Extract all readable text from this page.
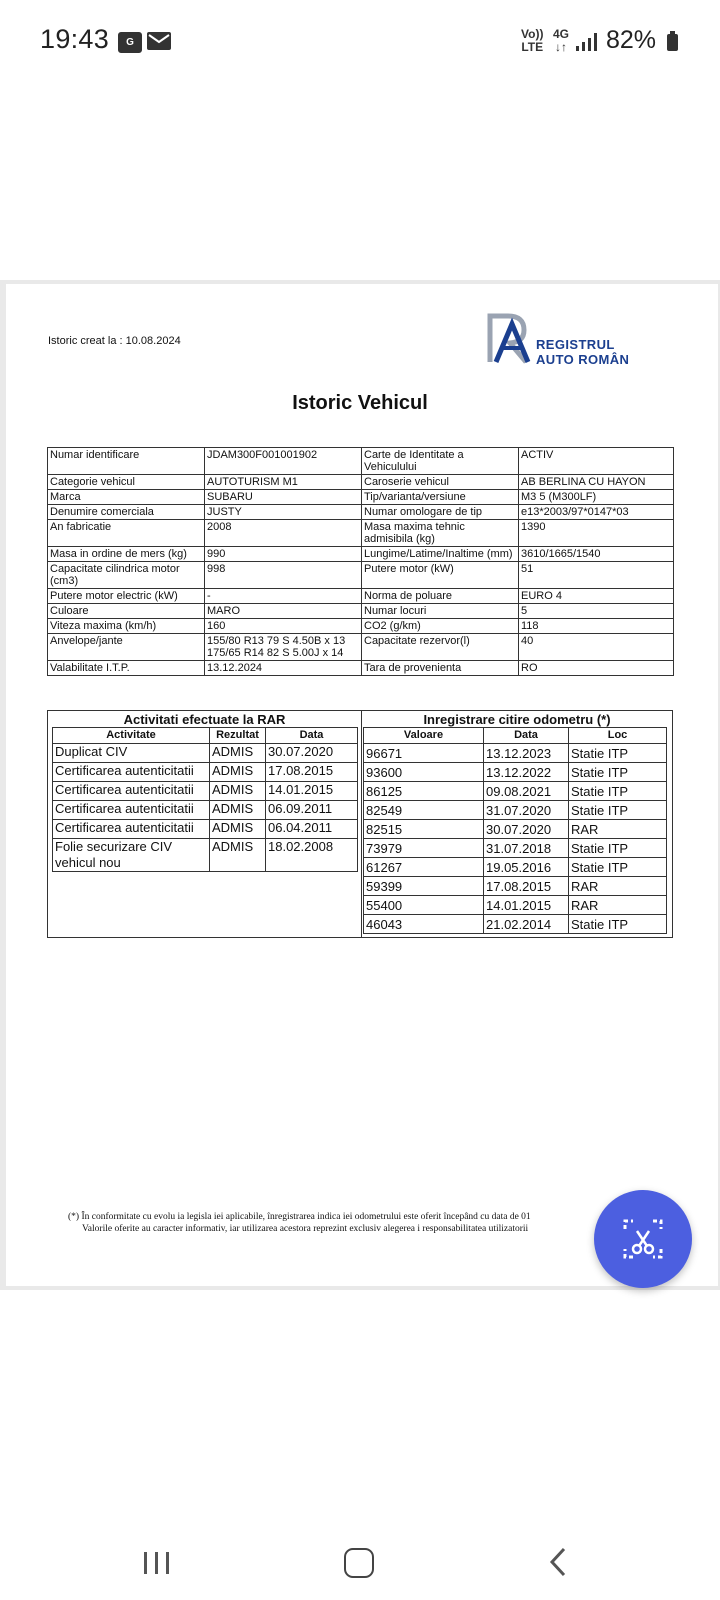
19:43	G
Vo))
LTE
4G
↓↑ 82%
Istoric creat la : 10.08.2024	REGISTRUL
AUTO ROMÂN
Istoric Vehicul
Numar identificare	JDAM300F001001902	Carte de Identitate a Vehiculului	ACTIV
Categorie vehicul	AUTOTURISM M1	Caroserie vehicul	AB BERLINA CU HAYON
Marca	SUBARU	Tip/varianta/versiune	M3 5 (M300LF)
Denumire comerciala	JUSTY	Numar omologare de tip	e13*2003/97*0147*03
An fabricatie	2008	Masa maxima tehnic admisibila (kg)	1390
Masa in ordine de mers (kg)	990	Lungime/Latime/Inaltime (mm)	3610/1665/1540
Capacitate cilindrica motor (cm3)	998	Putere motor (kW)	51
Putere motor electric (kW)	-	Norma de poluare	EURO 4
Culoare	MARO	Numar locuri	5
Viteza maxima (km/h)	160	CO2 (g/km)	118
Anvelope/jante	155/80 R13 79 S 4.50B x 13 175/65 R14 82 S 5.00J x 14	Capacitate rezervor(l)	40
Valabilitate I.T.P.	13.12.2024	Tara de provenienta	RO
Activitati efectuate la RAR	Inregistrare citire odometru (*)
Activitate	Rezultat	Data
Duplicat CIV	ADMIS	30.07.2020
Certificarea autenticitatii	ADMIS	17.08.2015
Certificarea autenticitatii	ADMIS	14.01.2015
Certificarea autenticitatii	ADMIS	06.09.2011
Certificarea autenticitatii	ADMIS	06.04.2011
Folie securizare CIV vehicul nou	ADMIS	18.02.2008
Valoare	Data	Loc
96671	13.12.2023	Statie ITP
93600	13.12.2022	Statie ITP
86125	09.08.2021	Statie ITP
82549	31.07.2020	Statie ITP
82515	30.07.2020	RAR
73979	31.07.2018	Statie ITP
61267	19.05.2016	Statie ITP
59399	17.08.2015	RAR
55400	14.01.2015	RAR
46043	21.02.2014	Statie ITP
(*) În conformitate cu evolu ia legisla iei aplicabile, înregistrarea indica iei odometrului este oferit începând cu data de 01
Valorile oferite au caracter informativ, iar utilizarea acestora reprezint exclusiv alegerea i responsabilitatea utilizatorii
